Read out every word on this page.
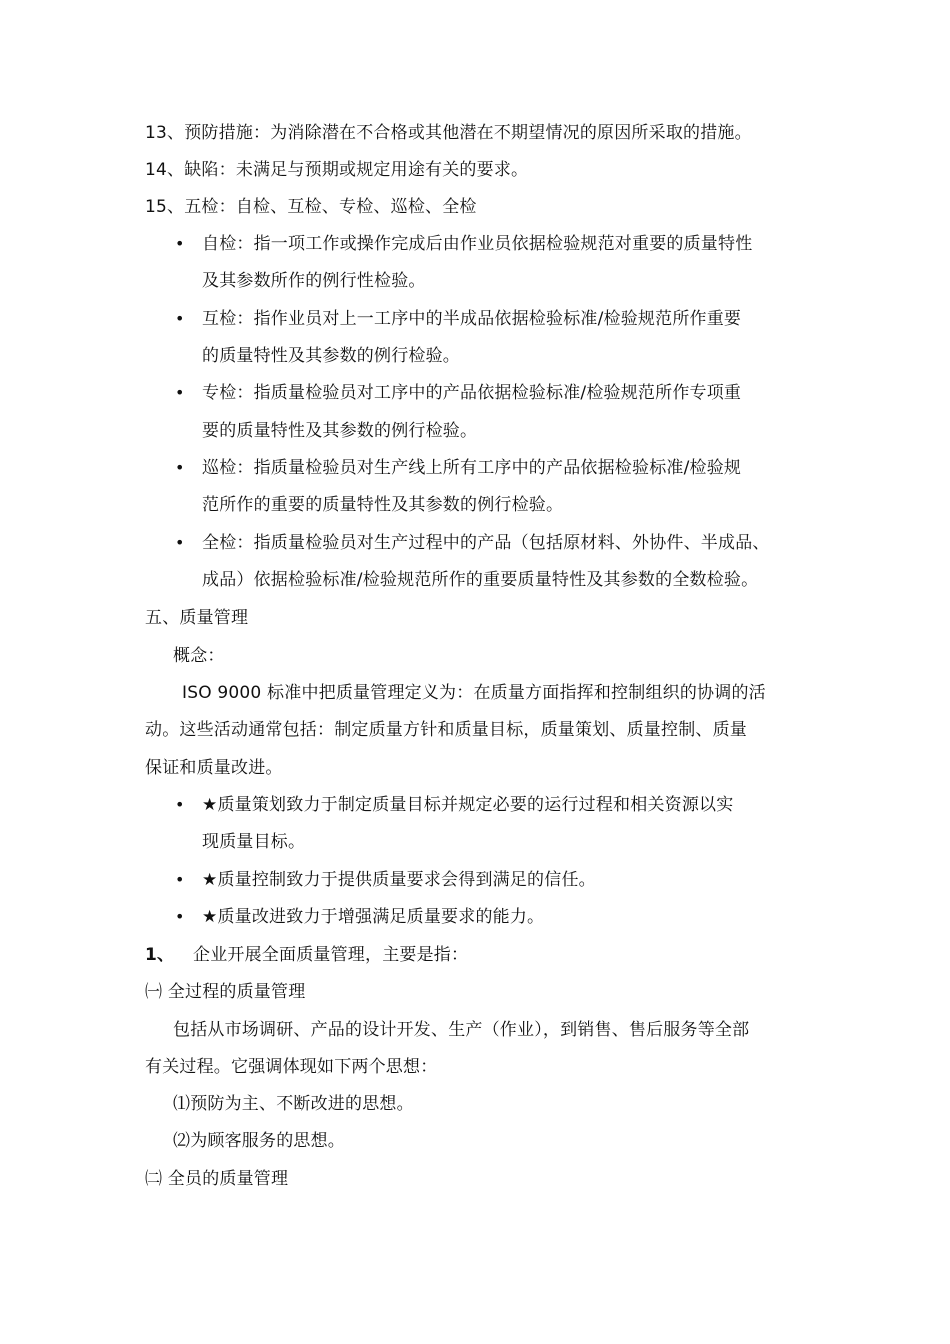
13、预防措施：为消除潜在不合格或其他潜在不期望情况的原因所采取的措施。
14、缺陷：未满足与预期或规定用途有关的要求。
15、五检：自检、互检、专检、巡检、全检
• 自检：指一项工作或操作完成后由作业员依据检验规范对重要的质量特性
及其参数所作的例行性检验。
• 互检：指作业员对上一工序中的半成品依据检验标准/检验规范所作重要
的质量特性及其参数的例行检验。
• 专检：指质量检验员对工序中的产品依据检验标准/检验规范所作专项重
要的质量特性及其参数的例行检验。
• 巡检：指质量检验员对生产线上所有工序中的产品依据检验标准/检验规
范所作的重要的质量特性及其参数的例行检验。
• 全检：指质量检验员对生产过程中的产品（包括原材料、外协件、半成品、
成品）依据检验标准/检验规范所作的重要质量特性及其参数的全数检验。
五、质量管理
概念：
ISO 9000 标准中把质量管理定义为：在质量方面指挥和控制组织的协调的活
动。这些活动通常包括：制定质量方针和质量目标，质量策划、质量控制、质量
保证和质量改进。
• ★质量策划致力于制定质量目标并规定必要的运行过程和相关资源以实
现质量目标。
• ★质量控制致力于提供质量要求会得到满足的信任。
• ★质量改进致力于增强满足质量要求的能力。
1、 企业开展全面质量管理，主要是指：
㈠ 全过程的质量管理
包括从市场调研、产品的设计开发、生产（作业），到销售、售后服务等全部
有关过程。它强调体现如下两个思想：
⑴预防为主、不断改进的思想。
⑵为顾客服务的思想。
㈡ 全员的质量管理
